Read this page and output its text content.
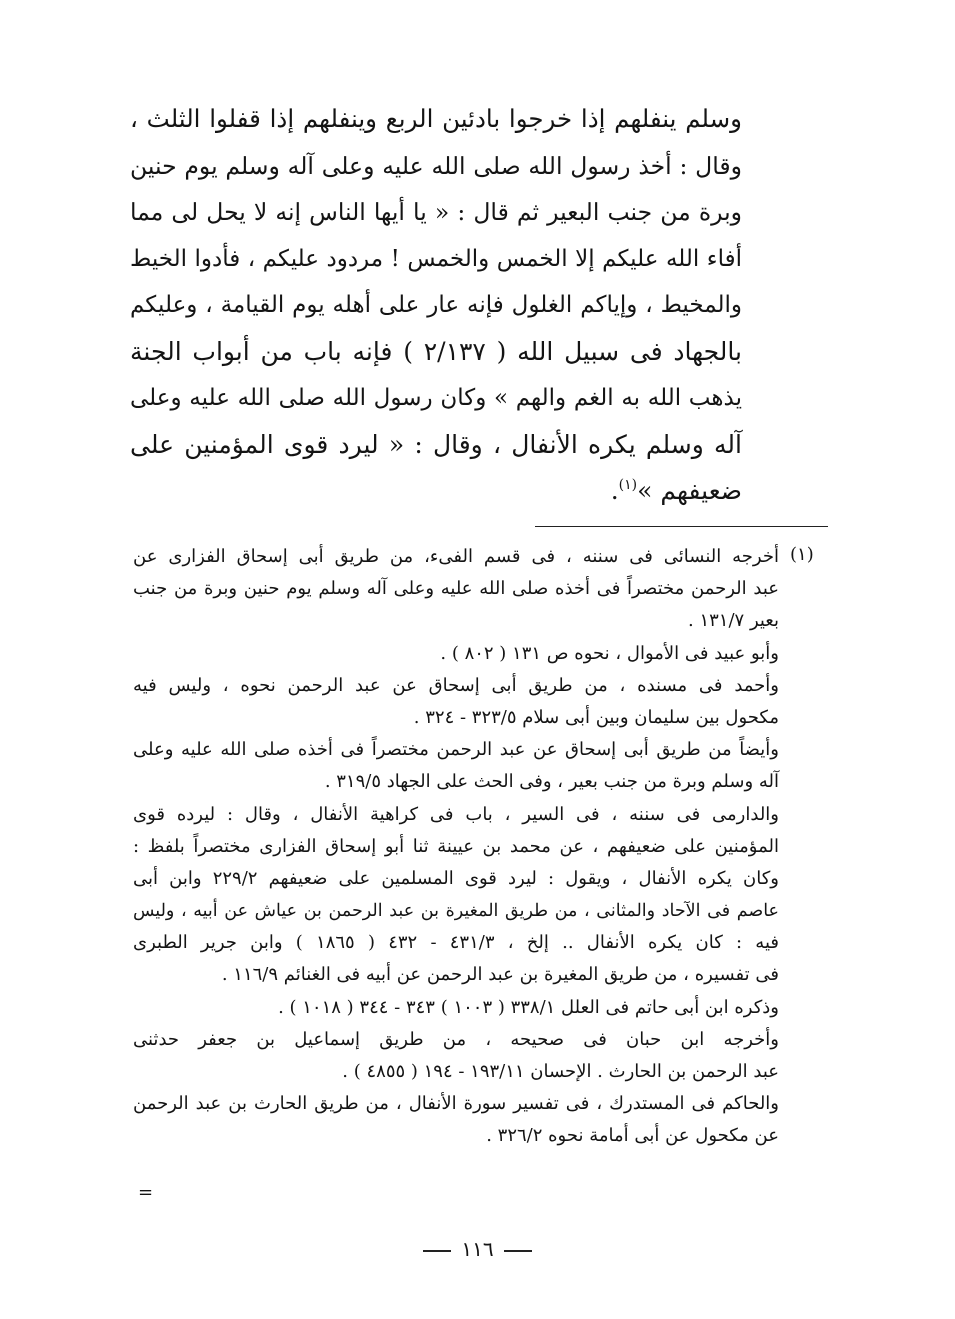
وسلم ينفلهم إذا خرجوا بادئين الربع وينفلهم إذا قفلوا الثلث ،
وقال : أخذ رسول الله صلى الله عليه وعلى آله وسلم يوم حنين
وبرة من جنب البعير ثم قال : « يا أيها الناس إنه لا يحل لى مما
أفاء الله عليكم إلا الخمس والخمس ! مردود عليكم ، فأدوا الخيط
والمخيط ، وإياكم الغلول فإنه عار على أهله يوم القيامة ، وعليكم
بالجهاد فى سبيل الله ( ٢/١٣٧ ) فإنه باب من أبواب الجنة
يذهب الله به الغم والهم » وكان رسول الله صلى الله عليه وعلى
آله وسلم يكره الأنفال ، وقال : « ليرد قوى المؤمنين على
ضعيفهم »$^{(١)}$.
(١)
أخرجه النسائى فى سننه ، فى قسم الفىء، من طريق أبى إسحاق الفزارى عن
عبد الرحمن مختصراً فى أخذه صلى الله عليه وعلى آله وسلم يوم حنين وبرة من جنب
بعير ١٣١/٧ .
وأبو عبيد فى الأموال ، نحوه ص ١٣١ ( ٨٠٢ ) .
وأحمد فى مسنده ، من طريق أبى إسحاق عن عبد الرحمن نحوه ، وليس فيه
مكحول بين سليمان وبين أبى سلام ٣٢٣/٥ - ٣٢٤ .
وأيضاً من طريق أبى إسحاق عن عبد الرحمن مختصراً فى أخذه صلى الله عليه وعلى
آله وسلم وبرة من جنب بعير ، وفى الحث على الجهاد ٣١٩/٥ .
والدارمى فى سننه ، فى السير ، باب فى كراهية الأنفال ، وقال : ليرده قوى
المؤمنين على ضعيفهم ، عن محمد بن عيينة ثنا أبو إسحاق الفزارى مختصراً بلفظ :
وكان يكره الأنفال ، ويقول : ليرد قوى المسلمين على ضعيفهم ٢٢٩/٢ وابن أبى
عاصم فى الآحاد والمثانى ، من طريق المغيرة بن عبد الرحمن بن عياش عن أبيه ، وليس
فيه : كان يكره الأنفال .. إلخ ، ٤٣١/٣ - ٤٣٢ ( ١٨٦٥ ) وابن جرير الطبرى
فى تفسيره ، من طريق المغيرة بن عبد الرحمن عن أبيه فى الغنائم ١١٦/٩ .
وذكره ابن أبى حاتم فى العلل ٣٣٨/١ ( ١٠٠٣ ) ٣٤٣ - ٣٤٤ ( ١٠١٨ ) .
وأخرجه ابن حبان فى صحيحه ، من طريق إسماعيل بن جعفر حدثنى
عبد الرحمن بن الحارث . الإحسان ١٩٣/١١ - ١٩٤ ( ٤٨٥٥ ) .
والحاكم فى المستدرك ، فى تفسير سورة الأنفال ، من طريق الحارث بن عبد الرحمن
عن مكحول عن أبى أمامة نحوه ٣٢٦/٢ .
=
١١٦
